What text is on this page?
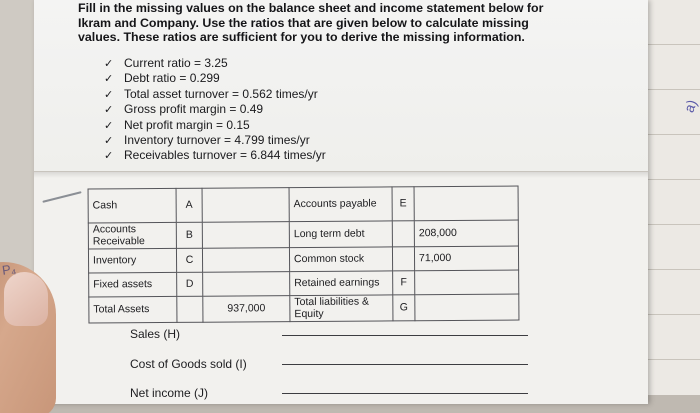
a)
P₄

Fill in the missing values on the balance sheet and income statement below for Ikram and Company. Use the ratios that are given below to calculate missing values. These ratios are sufficient for you to derive the missing information.

✓ Current ratio = 3.25
✓ Debt ratio = 0.299
✓ Total asset turnover = 0.562 times/yr
✓ Gross profit margin = 0.49
✓ Net profit margin = 0.15
✓ Inventory turnover = 4.799 times/yr
✓ Receivables turnover = 6.844 times/yr
Cash	A		Accounts payable	E	
Accounts Receivable	B		Long term debt		208,000
Inventory	C		Common stock		71,000
Fixed assets	D		Retained earnings	F	
Total Assets		937,000	Total liabilities & Equity	G	
Sales (H)
Cost of Goods sold (I)
Net income (J)
